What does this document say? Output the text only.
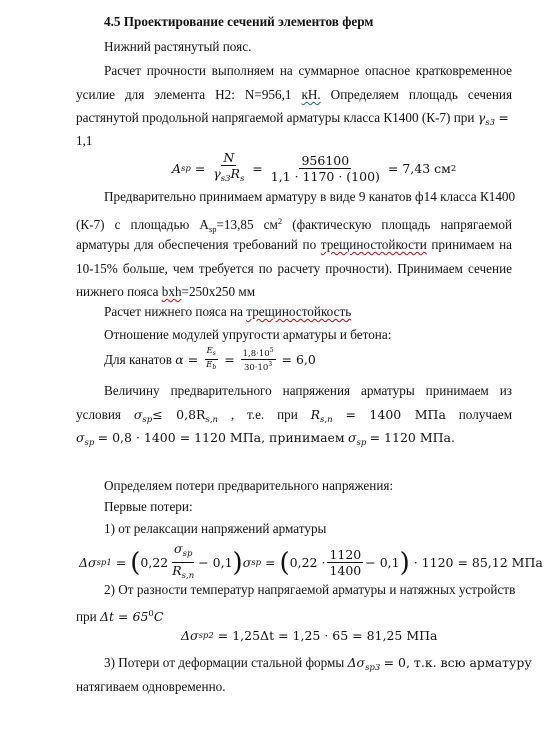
4.5 Проектирование сечений элементов ферм
Нижний растянутый пояс.
Расчет прочности выполняем на суммарное опасное кратковременное
усилие для элемента Н2: N=956,1 кН. Определяем площадь сечения
растянутой продольной напрягаемой арматуры класса К1400 (К-7) при $\gamma_{s3}$ =
1,1
A sp = $\frac{N}{\gamma_{s3}R_s} = \frac{956100}{1,1 \cdot 1170 \cdot (100)}$
= 7,43 см 2
Предварительно принимаем арматуру в виде 9 канатов ф14 класса К1400
(К-7) с площадью $А_{sp}=13,85$ $см^2$ (фактическую площадь напрягаемой
арматуры для обеспечения требований по трещиностойкости принимаем на
10-15% больше, чем требуется по расчету прочности). Принимаем сечение
нижнего пояса bxh=250x250 мм
Расчет нижнего пояса на трещиностойкость
Отношение модулей упругости арматуры и бетона:
Для канатов
$\alpha = \frac{E_s}{E_b} = \frac{1,8\cdot 10^5}{30\cdot 10^3}$
= 6,0
Величину предварительного напряжения арматуры принимаем из
условия $\sigma_{sp}\le 0,8R_{s,n}$ , т.е. при $R_{s,n} = 1400$ МПа получаем
$\sigma_{sp} = 0,8 \cdot 1400 = 1120$ МПа, принимаем $\sigma_{sp} = 1120$ МПа.
Определяем потери предварительного напряжения:
Первые потери:
1) от релаксации напряжений арматуры
Δσ sp1
=
( $0,22 \frac{\sigma_{sp}}{R_{s,n}} - 0,1$ ) σ sp
=
( $0,22 \cdot \frac{1120}{1400} - 0,1$ )
· 1120 = 85,12 МПа
2) От разности температур напрягаемой арматуры и натяжных устройств
при $\Delta t = 65^0C$
Δσ sp2
= 1,25Δt = 1,25 · 65 = 81,25 МПа
3) Потери от деформации стальной формы $\Delta\sigma_{sp3} = 0$, т.к. всю арматуру
натягиваем одновременно.
